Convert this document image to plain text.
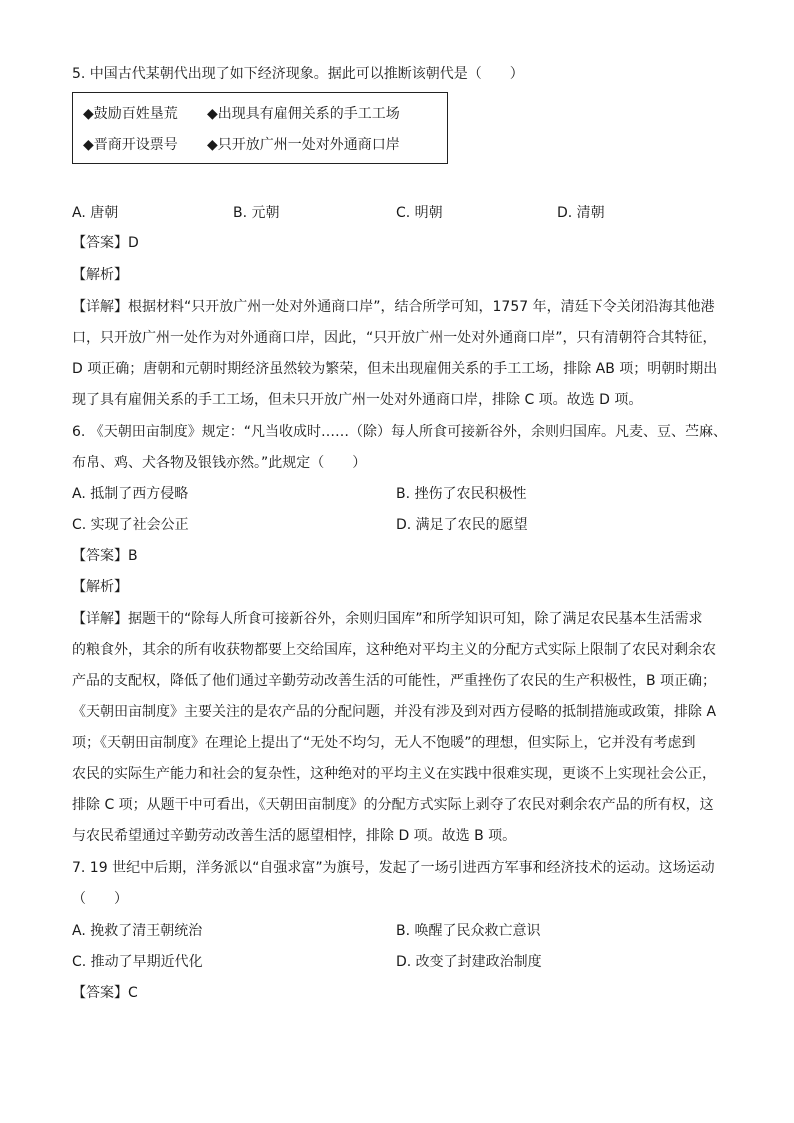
5. 中国古代某朝代出现了如下经济现象。据此可以推断该朝代是（　　）
◆鼓励百姓垦荒 ◆出现具有雇佣关系的手工工场
◆晋商开设票号 ◆只开放广州一处对外通商口岸
A. 唐朝	B. 元朝	C. 明朝	D. 清朝
【答案】D
【解析】
【详解】根据材料“只开放广州一处对外通商口岸”，结合所学可知，1757 年，清廷下令关闭沿海其他港
口，只开放广州一处作为对外通商口岸，因此，“只开放广州一处对外通商口岸”，只有清朝符合其特征，
D 项正确；唐朝和元朝时期经济虽然较为繁荣，但未出现雇佣关系的手工工场，排除 AB 项；明朝时期出
现了具有雇佣关系的手工工场，但未只开放广州一处对外通商口岸，排除 C 项。故选 D 项。
6. 《天朝田亩制度》规定：“凡当收成时……（除）每人所食可接新谷外，余则归国库。凡麦、豆、苎麻、
布帛、鸡、犬各物及银钱亦然。”此规定（　　）
A. 抵制了西方侵略	B. 挫伤了农民积极性
C. 实现了社会公正	D. 满足了农民的愿望
【答案】B
【解析】
【详解】据题干的“除每人所食可接新谷外，余则归国库”和所学知识可知，除了满足农民基本生活需求
的粮食外，其余的所有收获物都要上交给国库，这种绝对平均主义的分配方式实际上限制了农民对剩余农
产品的支配权，降低了他们通过辛勤劳动改善生活的可能性，严重挫伤了农民的生产积极性，B 项正确；
《天朝田亩制度》主要关注的是农产品的分配问题，并没有涉及到对西方侵略的抵制措施或政策，排除 A
项；《天朝田亩制度》在理论上提出了“无处不均匀，无人不饱暖”的理想，但实际上，它并没有考虑到
农民的实际生产能力和社会的复杂性，这种绝对的平均主义在实践中很难实现，更谈不上实现社会公正，
排除 C 项；从题干中可看出，《天朝田亩制度》的分配方式实际上剥夺了农民对剩余农产品的所有权，这
与农民希望通过辛勤劳动改善生活的愿望相悖，排除 D 项。故选 B 项。
7. 19 世纪中后期，洋务派以“自强求富”为旗号，发起了一场引进西方军事和经济技术的运动。这场运动
（　　）
A. 挽救了清王朝统治	B. 唤醒了民众救亡意识
C. 推动了早期近代化	D. 改变了封建政治制度
【答案】C
